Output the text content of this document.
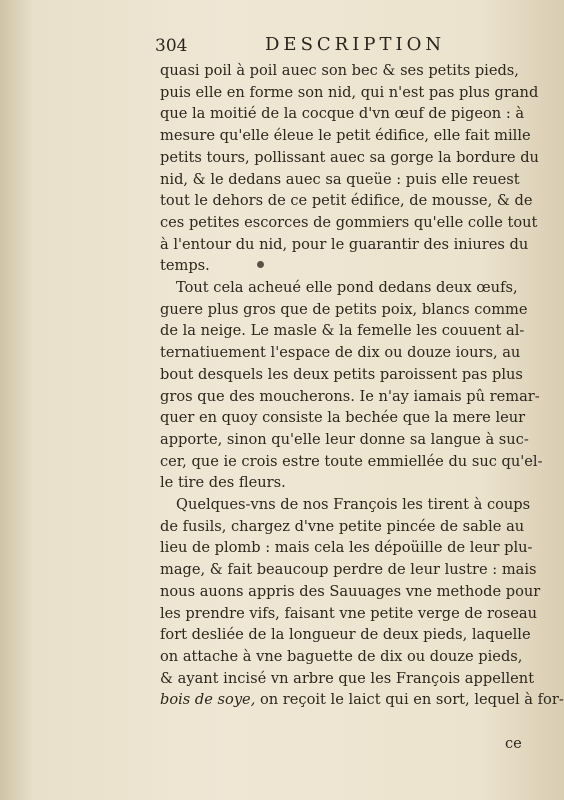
304	DESCRIPTION
quasi poil à poil auec son bec & ses petits pieds,
puis elle en forme son nid, qui n'est pas plus grand
que la moitié de la cocque d'vn œuf de pigeon : à
mesure qu'elle éleue le petit édifice, elle fait mille
petits tours, pollissant auec sa gorge la bordure du
nid, & le dedans auec sa queüe : puis elle reuest
tout le dehors de ce petit édifice, de mousse, & de
ces petites escorces de gommiers qu'elle colle tout
à l'entour du nid, pour le guarantir des iniures du
temps.
Tout cela acheué elle pond dedans deux œufs,
guere plus gros que de petits poix, blancs comme
de la neige. Le masle & la femelle les couuent al-
ternatiuement l'espace de dix ou douze iours, au
bout desquels les deux petits paroissent pas plus
gros que des moucherons. Ie n'ay iamais pû remar-
quer en quoy consiste la bechée que la mere leur
apporte, sinon qu'elle leur donne sa langue à suc-
cer, que ie crois estre toute emmiellée du suc qu'el-
le tire des fleurs.
Quelques-vns de nos François les tirent à coups
de fusils, chargez d'vne petite pincée de sable au
lieu de plomb : mais cela les dépoüille de leur plu-
mage, & fait beaucoup perdre de leur lustre : mais
nous auons appris des Sauuages vne methode pour
les prendre vifs, faisant vne petite verge de roseau
fort desliée de la longueur de deux pieds, laquelle
on attache à vne baguette de dix ou douze pieds,
& ayant incisé vn arbre que les François appellent
bois de soye, on reçoit le laict qui en sort, lequel à for-
ce
